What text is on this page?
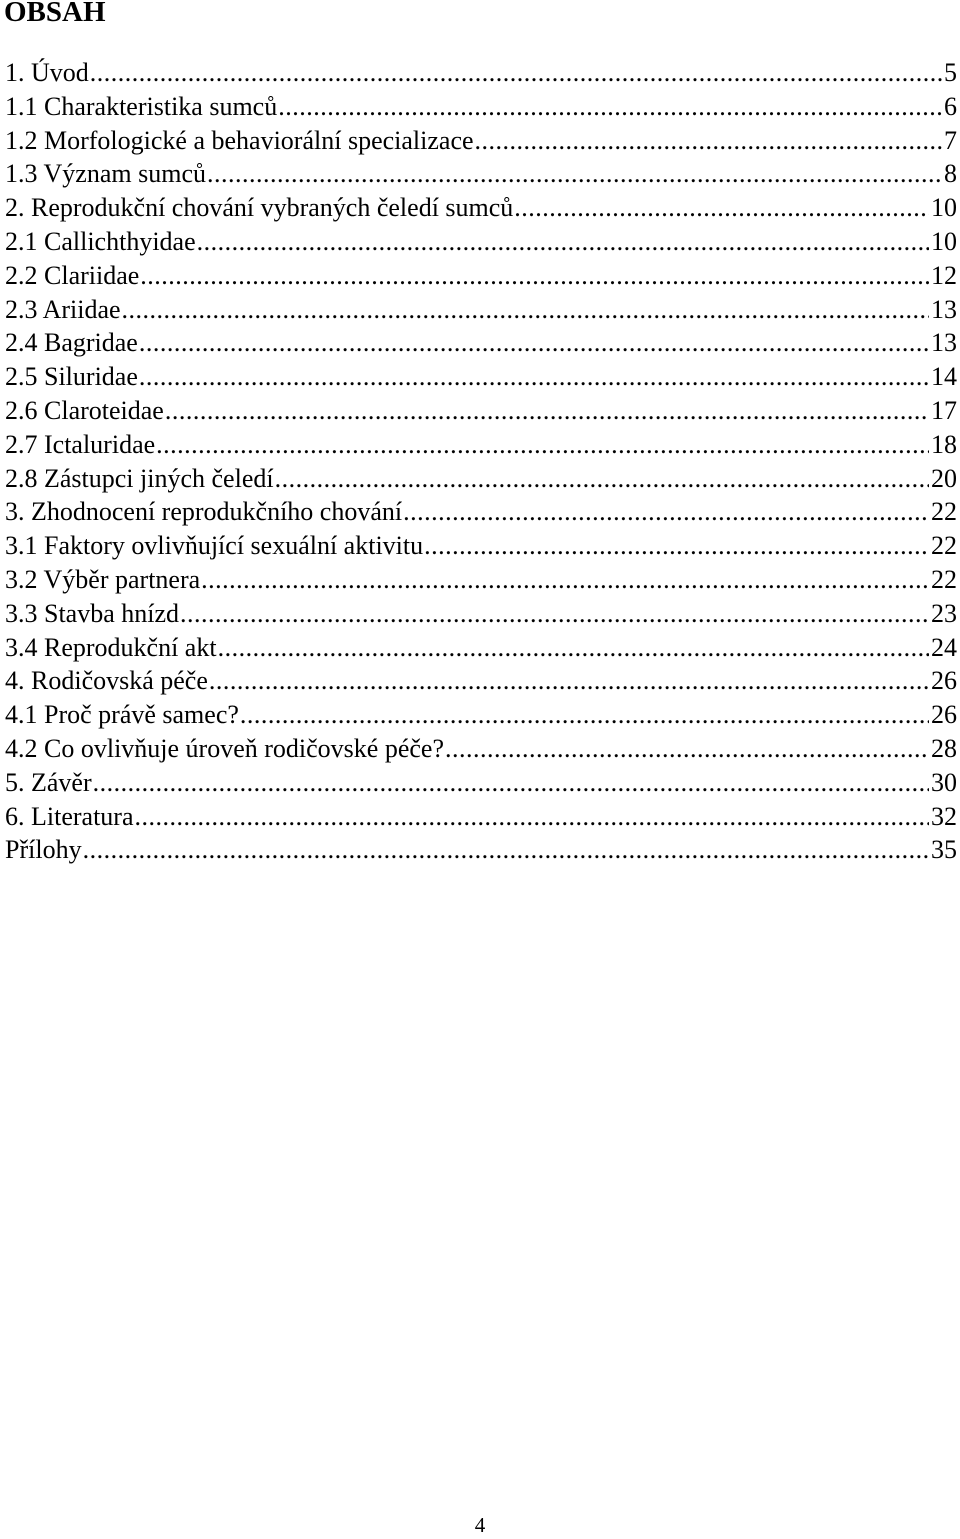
OBSAH
1. Úvod .....	5
1.1 Charakteristika sumců .....	6
1.2 Morfologické a behaviorální specializace .....	7
1.3 Význam sumců .....	8
2. Reprodukční chování vybraných čeledí sumců .....	10
2.1 Callichthyidae .....	10
2.2 Clariidae .....	12
2.3 Ariidae .....	13
2.4 Bagridae .....	13
2.5 Siluridae .....	14
2.6 Claroteidae .....	17
2.7 Ictaluridae .....	18
2.8 Zástupci jiných čeledí .....	20
3. Zhodnocení reprodukčního chování .....	22
3.1 Faktory ovlivňující sexuální aktivitu .....	22
3.2 Výběr partnera .....	22
3.3 Stavba hnízd .....	23
3.4 Reprodukční akt .....	24
4. Rodičovská péče .....	26
4.1 Proč právě samec? .....	26
4.2 Co ovlivňuje úroveň rodičovské péče? .....	28
5. Závěr .....	30
6. Literatura .....	32
Přílohy .....	35
4
